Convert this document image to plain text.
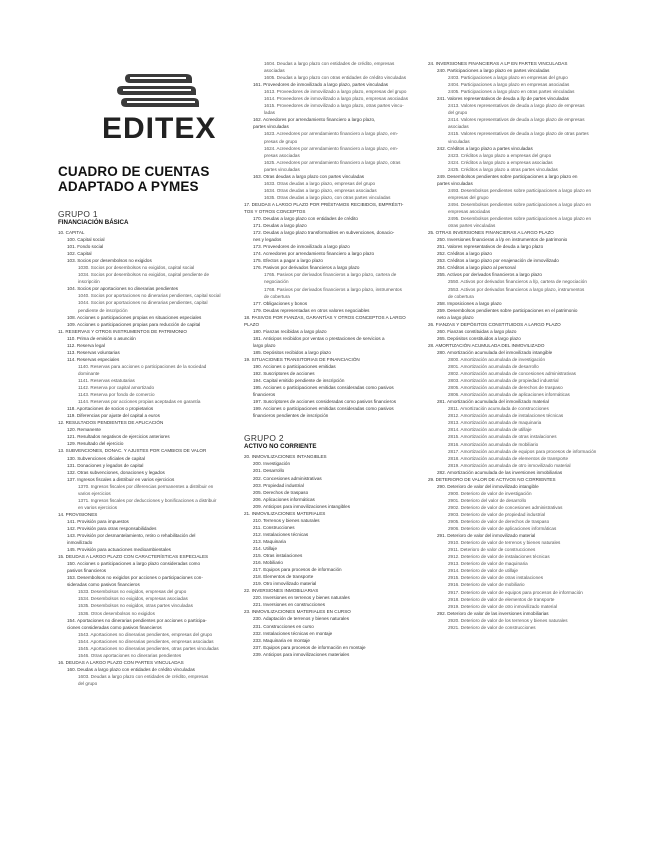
EDITEX
CUADRO DE CUENTAS
ADAPTADO A PYMES
GRUPO 1
FINANCIACIÓN BÁSICA
10. CAPITAL
100. Capital social
101. Fondo social
102. Capital
103. Socios por desembolsos no exigidos
1030. Socios por desembolsos no exigidos, capital social
1034. Socios por desembolsos no exigidos, capital pendiente de
inscripción
104. Socios por aportaciones no dinerarias pendientes
1040. Socios por aportaciones no dinerarias pendientes, capital social
1044. Socios por aportaciones no dinerarias pendientes, capital
pendiente de inscripción
108. Acciones o participaciones propias en situaciones especiales
109. Acciones o participaciones propias para reducción de capital
11. RESERVAS Y OTROS INSTRUMENTOS DE PATRIMONIO
110. Prima de emisión o asunción
112. Reserva legal
113. Reservas voluntarias
114. Reservas especiales
1140. Reservas para acciones o participaciones de la sociedad
dominante
1141. Reservas estatutarias
1142. Reserva por capital amortizado
1143. Reserva por fondo de comercio
1144. Reservas por acciones propias aceptadas en garantía
118. Aportaciones de socios o propietarios
119. Diferencias por ajuste del capital a euros
12. RESULTADOS PENDIENTES DE APLICACIÓN
120. Remanente
121. Resultados negativos de ejercicios anteriores
129. Resultado del ejercicio
13. SUBVENCIONES, DONAC. Y AJUSTES POR CAMBIOS DE VALOR
130. Subvenciones oficiales de capital
131. Donaciones y legados de capital
132. Otras subvenciones, donaciones y legados
137. Ingresos fiscales a distribuir en varios ejercicios
1370. Ingresos fiscales por diferencias permanentes a distribuir en
varios ejercicios
1371. Ingresos fiscales por deducciones y bonificaciones a distribuir
en varios ejercicios
14. PROVISIONES
141. Provisión para impuestos
142. Provisión para otras responsabilidades
143. Provisión por desmantelamiento, retiro o rehabilitación del
inmovilizado
145. Provisión para actuaciones medioambientales
15. DEUDAS A LARGO PLAZO CON CARACTERÍSTICAS ESPECIALES
150. Acciones o participaciones a largo plazo consideradas como
pasivos financieros
153. Desembolsos no exigidos por acciones o participaciones con-
sideradas como pasivos financieros
1533. Desembolsos no exigidos, empresas del grupo
1534. Desembolsos no exigidos, empresas asociadas
1535. Desembolsos no exigidos, otras partes vinculadas
1536. Otros desembolsos no exigidos
154. Aportaciones no dinerarias pendientes por acciones o participa-
ciones consideradas como pasivos financieros
1543. Aportaciones no dinerarias pendientes, empresas del grupo
1544. Aportaciones no dinerarias pendientes, empresas asociadas
1545. Aportaciones no dinerarias pendientes, otras partes vinculadas
1546. Otras aportaciones no dinerarias pendientes
16. DEUDAS A LARGO PLAZO CON PARTES VINCULADAS
160. Deudas a largo plazo con entidades de crédito vinculadas
1603. Deudas a largo plazo con entidades de crédito, empresas
del grupo
1604. Deudas a largo plazo con entidades de crédito, empresas
asociadas
1605. Deudas a largo plazo con otras entidades de crédito vinculadas
161. Proveedores de inmovilizado a largo plazo, partes vinculadas
1613. Proveedores de inmovilizado a largo plazo, empresas del grupo
1614. Proveedores de inmovilizado a largo plazo, empresas asociadas
1615. Proveedores de inmovilizado a largo plazo, otras partes vincu-
ladas
162. Acreedores por arrendamiento financiero a largo plazo,
partes vinculadas
1623. Acreedores por arrendamiento financiero a largo plazo, em-
presas de grupo
1624. Acreedores por arrendamiento financiero a largo plazo, em-
presas asociadas
1625. Acreedores por arrendamiento financiero a largo plazo, otras
partes vinculadas
163. Otras deudas a largo plazo con partes vinculadas
1633. Otras deudas a largo plazo, empresas del grupo
1634. Otras deudas a largo plazo, empresas asociadas
1635. Otras deudas a largo plazo, con otras partes vinculadas
17. DEUDAS A LARGO PLAZO POR PRÉSTAMOS RECIBIDOS, EMPRÉSTI-
TOS Y OTROS CONCEPTOS
170. Deudas a largo plazo con entidades de crédito
171. Deudas a largo plazo
172. Deudas a largo plazo transformables en subvenciones, donacio-
nes y legados
173. Proveedores de inmovilizado a largo plazo
174. Acreedores por arrendamiento financiero a largo plazo
175. Efectos a pagar a largo plazo
176. Pasivos por derivados financieros a largo plazo
1765. Pasivos por derivados financieros a largo plazo, cartera de
negociación
1768. Pasivos por derivados financieros a largo plazo, instrumentos
de cobertura
177. Obligaciones y bonos
179. Deudas representadas en otros valores negociables
18. PASIVOS POR FIANZAS, GARANTÍAS Y OTROS CONCEPTOS A LARGO
PLAZO
180. Fianzas recibidas a largo plazo
181. Anticipos recibidos por ventas o prestaciones de servicios a
largo plazo
185. Depósitos recibidos a largo plazo
19. SITUACIONES TRANSITORIAS DE FINANCIACIÓN
190. Acciones o participaciones emitidas
192. Suscriptores de acciones
194. Capital emitido pendiente de inscripción
195. Acciones o participaciones emitidas consideradas como pasivos
financieros
197. Suscriptores de acciones consideradas como pasivos financieros
199. Acciones o participaciones emitidas consideradas como pasivos
financieros pendientes de inscripción
GRUPO 2
ACTIVO NO CORRIENTE
20. INMOVILIZACIONES INTANGIBLES
200. Investigación
201. Desarrollo
202. Concesiones administrativas
203. Propiedad industrial
205. Derechos de traspaso
206. Aplicaciones informáticas
209. Anticipos para inmovilizaciones intangibles
21. INMOVILIZACIONES MATERIALES
210. Terrenos y bienes naturales
211. Construcciones
212. Instalaciones técnicas
213. Maquinaria
214. Utillaje
215. Otras instalaciones
216. Mobiliario
217. Equipos para procesos de información
218. Elementos de transporte
219. Otro inmovilizado material
22. INVERSIONES INMOBILIARIAS
220. Inversiones en terrenos y bienes naturales
221. Inversiones en construcciones
23. INMOVILIZACIONES MATERIALES EN CURSO
230. Adaptación de terrenos y bienes naturales
231. Construcciones en curso
232. Instalaciones técnicas en montaje
233. Maquinaria en montaje
237. Equipos para procesos de información en montaje
239. Anticipos para inmovilizaciones materiales
24. INVERSIONES FINANCIERAS A LP EN PARTES VINCULADAS
240. Participaciones a largo plazo en partes vinculadas
2403. Participaciones a largo plazo en empresas del grupo
2404. Participaciones a largo plazo en empresas asociadas
2405. Participaciones a largo plazo en otras partes vinculadas
241. Valores representativos de deuda a l/p de partes vinculadas
2413. Valores representativos de deuda a largo plazo de empresas
del grupo
2414. Valores representativos de deuda a largo plazo de empresas
asociadas
2415. Valores representativos de deuda a largo plazo de otras partes
vinculadas
242. Créditos a largo plazo a partes vinculadas
2423. Créditos a largo plazo a empresas del grupo
2424. Créditos a largo plazo a empresas asociadas
2425. Créditos a largo plazo a otras partes vinculadas
249. Desembolsos pendientes sobre participaciones a largo plazo en
partes vinculadas
2493. Desembolsos pendientes sobre participaciones a largo plazo en
empresas del grupo
2494. Desembolsos pendientes sobre participaciones a largo plazo en
empresas asociadas
2495. Desembolsos pendientes sobre participaciones a largo plazo en
otras partes vinculadas
25. OTRAS INVERSIONES FINANCIERAS A LARGO PLAZO
250. Inversiones financieras a l/p en instrumentos de patrimonio
251. Valores representativos de deuda a largo plazo
252. Créditos a largo plazo
253. Créditos a largo plazo por enajenación de inmovilizado
254. Créditos a largo plazo al personal
255. Activos por derivados financieros a largo plazo
2550. Activos por derivados financieros a l/p, cartera de negociación
2553. Activos por derivados financieros a largo plazo, instrumentos
de cobertura
258. Imposiciones a largo plazo
259. Desembolsos pendientes sobre participaciones en el patrimonio
neto a largo plazo
26. FIANZAS Y DEPÓSITOS CONSTITUIDOS A LARGO PLAZO
260. Fianzas constituidas a largo plazo
265. Depósitos constituidos a largo plazo
28. AMORTIZACIÓN ACUMULADA DEL INMOVILIZADO
280. Amortización acumulada del inmovilizado intangible
2800. Amortización acumulada de investigación
2801. Amortización acumulada de desarrollo
2802. Amortización acumulada de concesiones administrativas
2803. Amortización acumulada de propiedad industrial
2805. Amortización acumulada de derechos de traspaso
2806. Amortización acumulada de aplicaciones informáticas
281. Amortización acumulada del inmovilizado material
2811. Amortización acumulada de construcciones
2812. Amortización acumulada de instalaciones técnicas
2813. Amortización acumulada de maquinaria
2814. Amortización acumulada de utillaje
2815. Amortización acumulada de otras instalaciones
2816. Amortización acumulada de mobiliario
2817. Amortización acumulada de equipos para procesos de información
2818. Amortización acumulada de elementos de transporte
2819. Amortización acumulada de otro inmovilizado material
282. Amortización acumulada de las inversiones inmobiliarias
29. DETERIORO DE VALOR DE ACTIVOS NO CORRIENTES
290. Deterioro de valor del inmovilizado intangible
2900. Deterioro de valor de investigación
2901. Deterioro del valor de desarrollo
2902. Deterioro de valor de concesiones administrativas
2903. Deterioro de valor de propiedad industrial
2905. Deterioro de valor de derechos de traspaso
2906. Deterioro de valor de aplicaciones informáticas
291. Deterioro de valor del inmovilizado material
2910. Deterioro de valor de terrenos y bienes naturales
2911. Deterioro de valor de construcciones
2912. Deterioro de valor de instalaciones técnicas
2913. Deterioro de valor de maquinaria
2914. Deterioro de valor de utillaje
2915. Deterioro de valor de otras instalaciones
2916. Deterioro de valor de mobiliario
2917. Deterioro de valor de equipos para procesos de información
2918. Deterioro de valor de elementos de transporte
2919. Deterioro de valor de otro inmovilizado material
292. Deterioro de valor de las inversiones inmobiliarias
2920. Deterioro de valor de los terrenos y bienes naturales
2921. Deterioro de valor de construcciones
